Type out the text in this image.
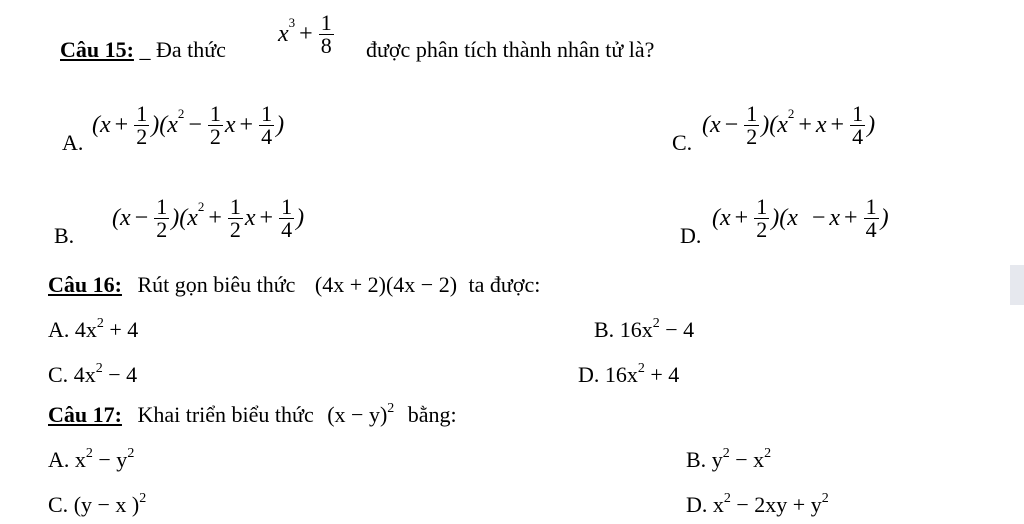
Câu 15: _ Đa thức
x $3 + \frac{1}{8}$ được phân tích thành nhân tử là?
A.
( $x + \frac{1}{2}$ )( x $2 - \frac{1}{2}$ $x + \frac{1}{4}$ )
C.
( $x - \frac{1}{2}$ )( x $2 + x + \frac{1}{4}$ )
B.
( $x - \frac{1}{2}$ )( x $2 + \frac{1}{2}$ $x + \frac{1}{4}$ )
D.
( $x + \frac{1}{2}$ )( $x - x + \frac{1}{4}$ )
Câu 16: Rút gọn biêu thức (4x + 2)(4x − 2) ta được:
A. $4x^2 + 4$	B. $16x^2 - 4$
C. $4x^2 - 4$	D. $16x^2 + 4$
Câu 17: Khai triển biểu thức $(x - y)^2$ bằng:
A. $x^2 - y^2$	B. $y^2 - x^2$
C. (y − x )$^2$	D. $x^2 - 2xy + y^2$
